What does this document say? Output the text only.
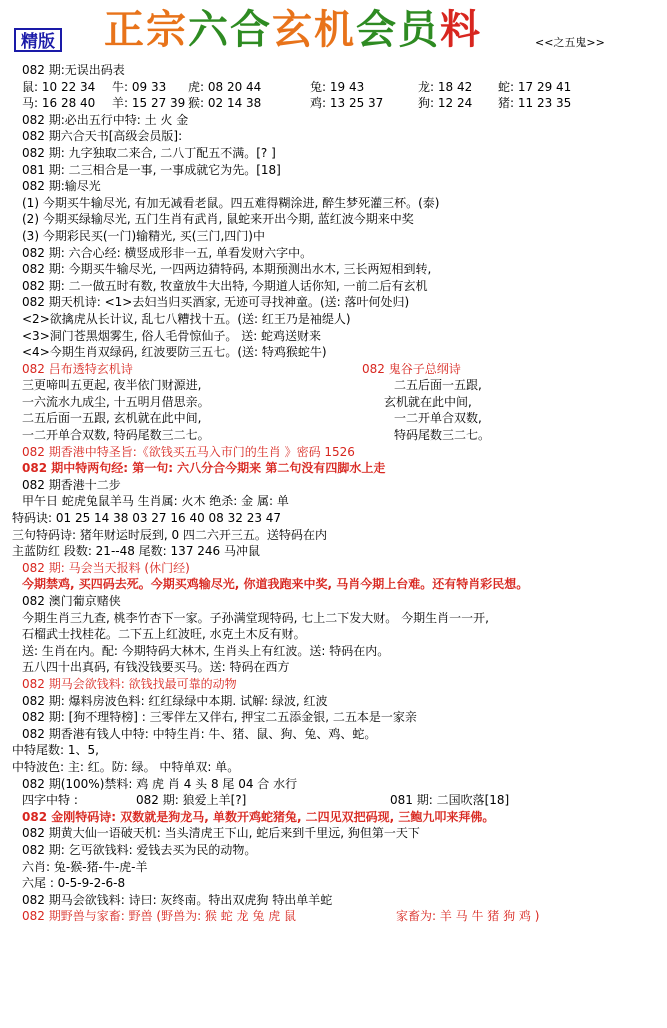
精版 正宗六合玄机会员料	<<之五鬼>>
082 期:无误出码表
鼠: 10 22 34 牛: 09 33 虎: 08 20 44	兔: 19 43	龙: 18 42 蛇: 17 29 41
马: 16 28 40 羊: 15 27 39 猴: 02 14 38	鸡: 13 25 37	狗: 12 24 猪: 11 23 35
082 期:必出五行中特: 土 火 金
082 期六合天书[高级会员版]:
082 期: 九字独取二来合, 二八丁配五不满。[? ]
081 期: 二三相合是一事, 一事成就它为先。[18]
082 期:输尽光
(1) 今期买牛输尽光, 有加无减看老鼠。四五难得糊涂进, 醉生梦死灌三杯。(泰)
(2) 今期买绿输尽光, 五门生肖有武肖, 鼠蛇来开出今期, 蓝红波今期来中奖
(3) 今期彩民买(一门)输精光, 买(三门,四门)中
082 期: 六合心经: 横竖成形非一五, 单看发财六字中。
082 期: 今期买牛输尽光, 一四两边猜特码, 本期预测出水木, 三长两短相到转,
082 期: 二一做五时有数, 牧童放牛大出特, 今期道人话你知, 一前二后有玄机
082 期天机诗: <1>去妇当归买酒家, 无迹可寻找神童。(送: 落叶何处归)
<2>欲擒虎从长计议, 乱七八糟找十五。(送: 红王乃是袖缇人)
<3>洞门苍黑烟雾生, 俗人毛骨惊仙子。 送: 蛇鸡送财来
<4>今期生肖双绿码, 红波要防三五七。(送: 特鸡猴蛇牛)
082 吕布透特玄机诗	082 鬼谷子总纲诗
三更啼叫五更起, 夜半依门财源进,	二五后面一五跟,
一六流水九成尘, 十五明月借思亲。	玄机就在此中间,
二五后面一五跟, 玄机就在此中间,	一二开单合双数,
一二开单合双数, 特码尾数三二七。	特码尾数三二七。
082 期香港中特圣旨:《欲钱买五马入市门的生肖 》密码 1526
082 期中特两句经: 第一句: 六八分合今期来 第二句没有四脚水上走
082 期香港十二步
甲午日 蛇虎兔鼠羊马 生肖属: 火木 绝杀: 金 属: 单
特码诀: 01 25 14 38 03 27 16 40 08 32 23 47
三句特码诗: 猪年财运时辰到, 0 四二六开三五。送特码在内
主蓝防红 段数: 21--48 尾数: 137 246 马冲鼠
082 期: 马会当天报料 (休门经)
今期禁鸡, 买四码去死。今期买鸡输尽光, 你道我跑来中奖, 马肖今期上台难。还有特肖彩民想。
082 澳门葡京赌侠
今期生肖三九查, 桃李竹杏下一家。子孙满堂现特码, 七上二下发大财。 今期生肖一一开,
石榴武士找桂花。二下五上红波旺, 水克土木反有财。
送: 生肖在内。配: 今期特码大林木, 生肖头上有红波。送: 特码在内。
五八四十出真码, 有钱没钱要买马。送: 特码在西方
082 期马会欲钱料: 欲钱找最可靠的动物
082 期: 爆料房波色料: 红红绿绿中本期. 试解: 绿波, 红波
082 期: [狗不理特榜] : 三零伴左又伴右, 押宝二五添金银, 二五本是一家亲
082 期香港有钱人中特: 中特生肖: 牛、猪、鼠、狗、兔、鸡、蛇。
中特尾数: 1、5,
中特波色: 主: 红。防: 绿。 中特单双: 单。
082 期(100%)禁料: 鸡 虎 肖 4 头 8 尾 04 合 水行
四字中特 :	082 期: 狼爱上羊[?]	081 期: 二国吹落[18]
082 金刚特码诗: 双数就是狗龙马, 单数开鸡蛇猪兔, 二四见双把码现, 三鲍九叩来拜佛。
082 期黄大仙一语破天机: 当头清虎王下山, 蛇后来到千里远, 狗但第一天下
082 期: 乞丐欲钱料: 爱钱去买为民的动物。
六肖: 兔-猴-猪-牛-虎-羊
六尾 : 0-5-9-2-6-8
082 期马会欲钱料: 诗曰: 灰终南。特出双虎狗 特出单羊蛇
082 期野兽与家畜: 野兽 (野兽为: 猴 蛇 龙 兔 虎 鼠	家畜为: 羊 马 牛 猪 狗 鸡 )
